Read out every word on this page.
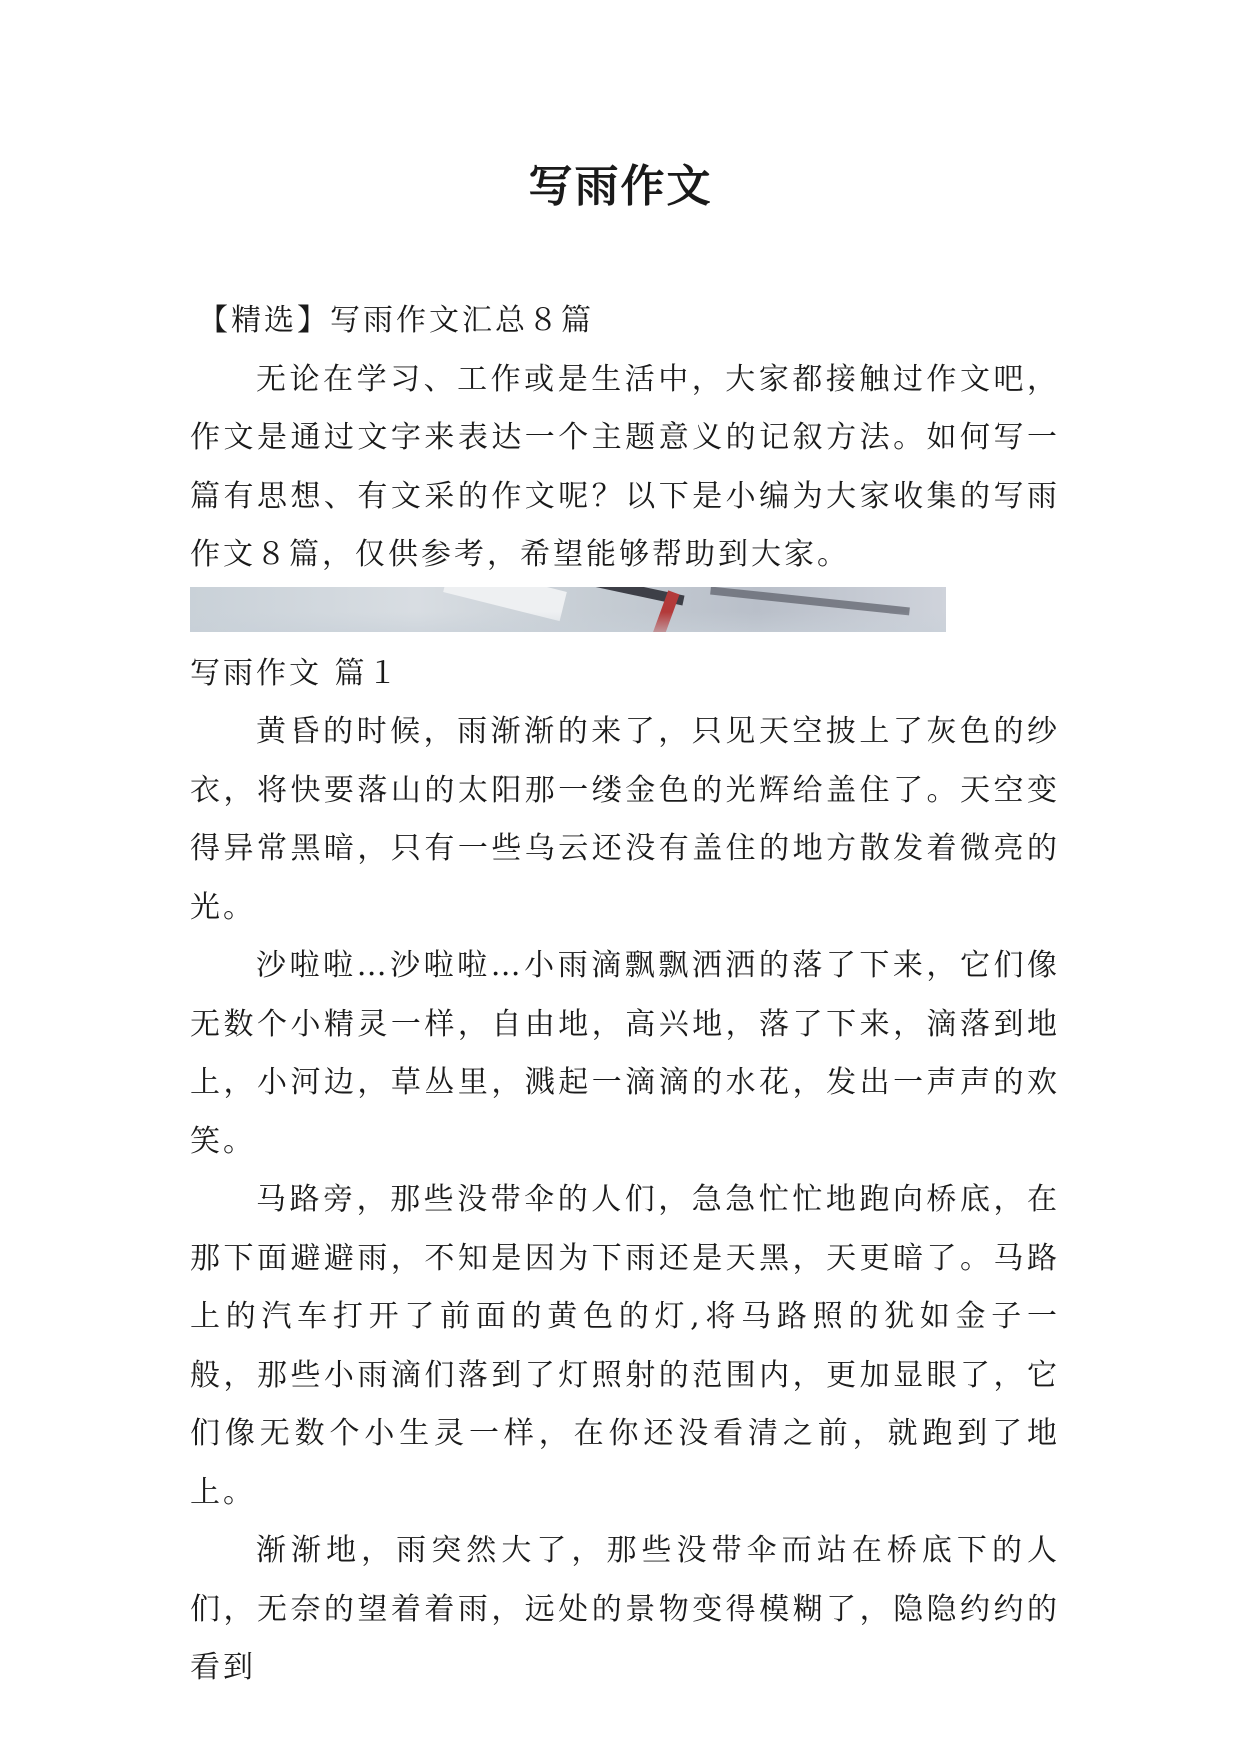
写雨作文

【精选】写雨作文汇总８篇

无论在学习、工作或是生活中，大家都接触过作文吧，作文是通过文字来表达一个主题意义的记叙方法。如何写一篇有思想、有文采的作文呢？以下是小编为大家收集的写雨作文８篇，仅供参考，希望能够帮助到大家。

写雨作文 篇１

黄昏的时候，雨渐渐的来了，只见天空披上了灰色的纱衣，将快要落山的太阳那一缕金色的光辉给盖住了。天空变得异常黑暗，只有一些乌云还没有盖住的地方散发着微亮的光。

沙啦啦…沙啦啦…小雨滴飘飘洒洒的落了下来，它们像无数个小精灵一样，自由地，高兴地，落了下来，滴落到地上，小河边，草丛里，溅起一滴滴的水花，发出一声声的欢笑。

马路旁，那些没带伞的人们，急急忙忙地跑向桥底，在那下面避避雨，不知是因为下雨还是天黑，天更暗了。马路上的汽车打开了前面的黄色的灯,将马路照的犹如金子一般，那些小雨滴们落到了灯照射的范围内，更加显眼了，它们像无数个小生灵一样，在你还没看清之前，就跑到了地上。

渐渐地，雨突然大了，那些没带伞而站在桥底下的人们，无奈的望着着雨，远处的景物变得模糊了，隐隐约约的看到
